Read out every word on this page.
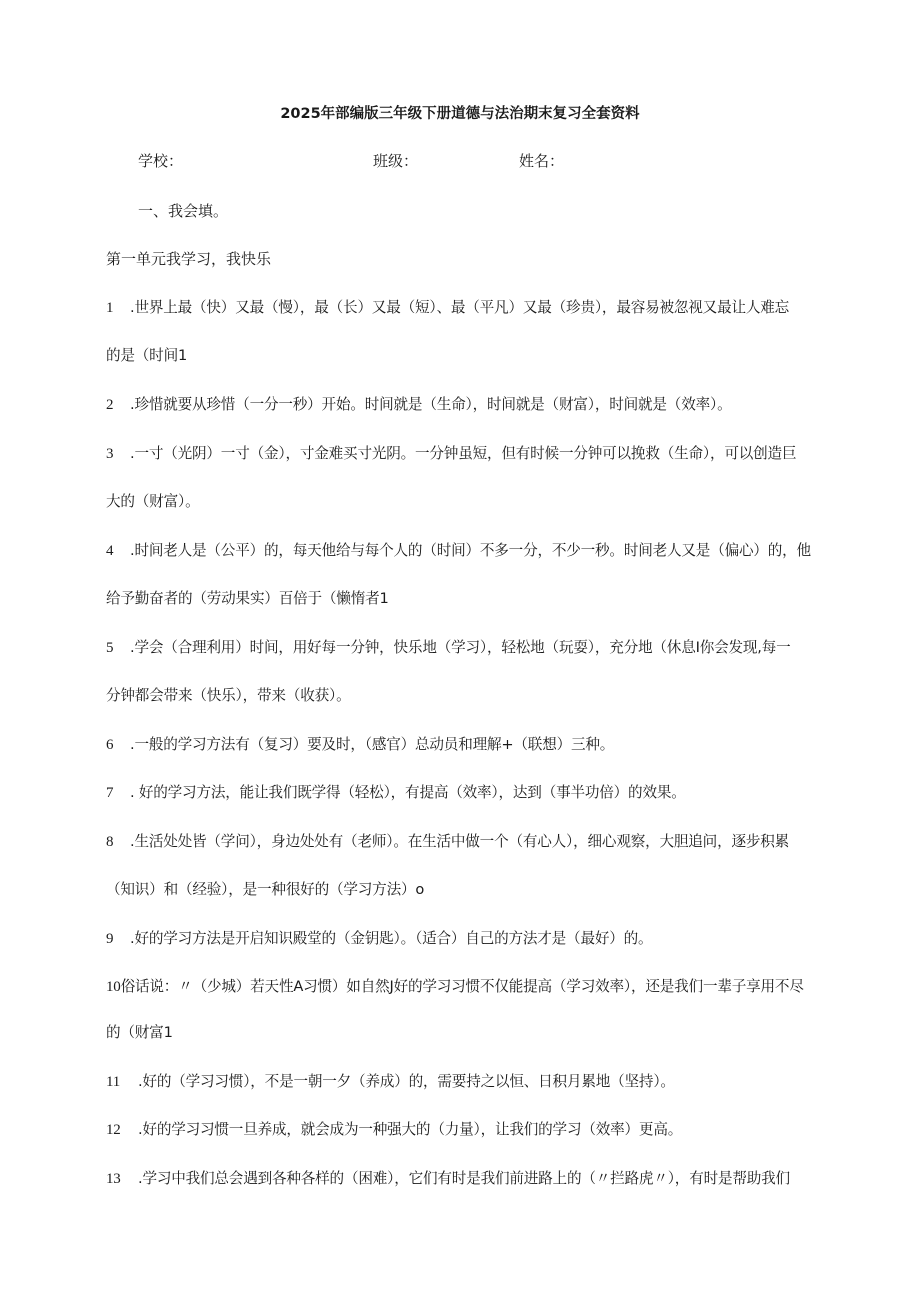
2025年部编版三年级下册道德与法治期末复习全套资料
学校：	班级：	姓名：
一、我会填。
第一单元我学习，我快乐
1 .世界上最（快）又最（慢），最（长）又最（短）、最（平凡）又最（珍贵），最容易被忽视又最让人难忘
的是（时间1
2 .珍惜就要从珍惜（一分一秒）开始。时间就是（生命），时间就是（财富），时间就是（效率）。
3 .一寸（光阴）一寸（金），寸金难买寸光阴。一分钟虽短，但有时候一分钟可以挽救（生命），可以创造巨
大的（财富）。
4 .时间老人是（公平）的，每天他给与每个人的（时间）不多一分，不少一秒。时间老人又是（偏心）的，他
给予勤奋者的（劳动果实）百倍于（懒惰者1
5 .学会（合理利用）时间，用好每一分钟，快乐地（学习），轻松地（玩耍），充分地（休息I你会发现,每一
分钟都会带来（快乐），带来（收获）。
6 .一般的学习方法有（复习）要及时，（感官）总动员和理解+（联想）三种。
7 . 好的学习方法，能让我们既学得（轻松），有提高（效率），达到（事半功倍）的效果。
8 .生活处处皆（学问），身边处处有（老师）。在生活中做一个（有心人），细心观察，大胆追问，逐步积累
（知识）和（经验），是一种很好的（学习方法）o
9 .好的学习方法是开启知识殿堂的（金钥匙）。（适合）自己的方法才是（最好）的。
10俗话说：〃（少城）若天性A习惯）如自然J好的学习习惯不仅能提高（学习效率），还是我们一辈子享用不尽
的（财富1
11 .好的（学习习惯），不是一朝一夕（养成）的，需要持之以恒、日积月累地（坚持）。
12 .好的学习习惯一旦养成，就会成为一种强大的（力量），让我们的学习（效率）更高。
13 .学习中我们总会遇到各种各样的（困难），它们有时是我们前进路上的（〃拦路虎〃），有时是帮助我们
